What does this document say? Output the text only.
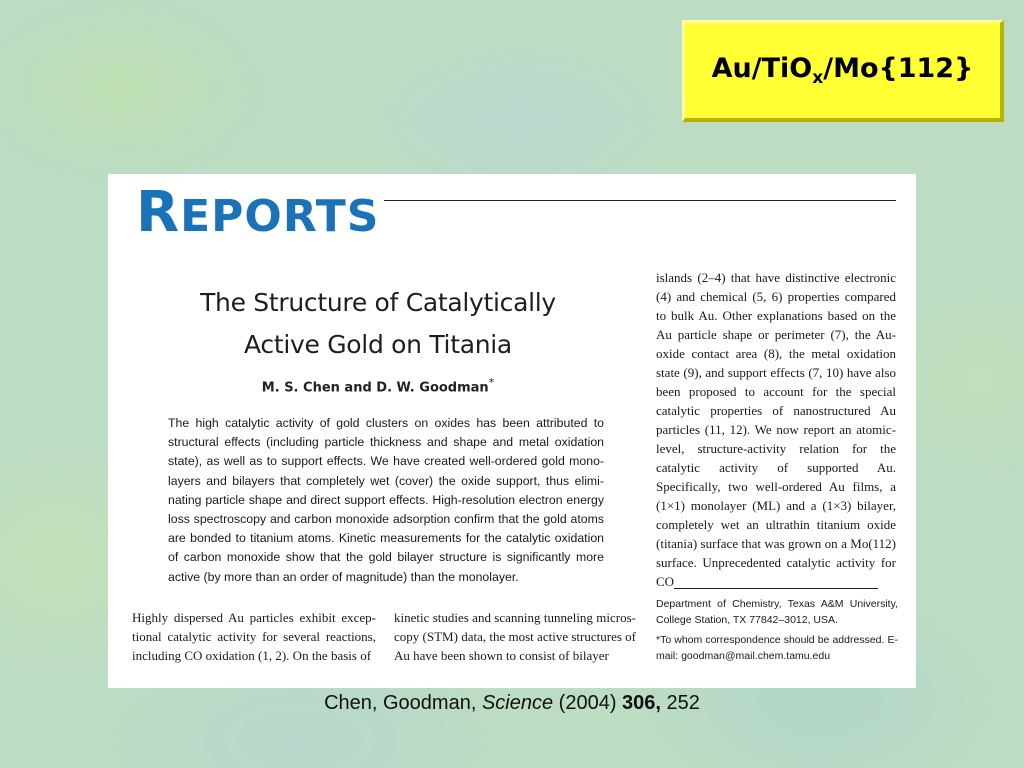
Au/TiO$_x$/Mo{112}
REPORTS
The Structure of Catalytically
Active Gold on Titania
M. S. Chen and D. W. Goodman*
The high catalytic activity of gold clusters on oxides has been attributed to structural effects (including particle thickness and shape and metal oxidation state), as well as to support effects. We have created well-ordered gold mono-layers and bilayers that completely wet (cover) the oxide support, thus elimi-nating particle shape and direct support effects. High-resolution electron energy loss spectroscopy and carbon monoxide adsorption confirm that the gold atoms are bonded to titanium atoms. Kinetic measurements for the catalytic oxidation of carbon monoxide show that the gold bilayer structure is significantly more active (by more than an order of magnitude) than the monolayer.
islands (2–4) that have distinctive electronic (4) and chemical (5, 6) properties compared to bulk Au. Other explanations based on the Au particle shape or perimeter (7), the Au-oxide contact area (8), the metal oxidation state (9), and support effects (7, 10) have also been proposed to account for the special catalytic properties of nanostructured Au particles (11, 12). We now report an atomic-level, structure-activity relation for the catalytic activity of supported Au. Specifically, two well-ordered Au films, a (1×1) monolayer (ML) and a (1×3) bilayer, completely wet an ultrathin titanium oxide (titania) surface that was grown on a Mo(112) surface. Unprecedented catalytic activity for CO
Highly dispersed Au particles exhibit excep-tional catalytic activity for several reactions, including CO oxidation (1, 2). On the basis of
kinetic studies and scanning tunneling micros-copy (STM) data, the most active structures of Au have been shown to consist of bilayer
Department of Chemistry, Texas A&M University, College Station, TX 77842–3012, USA.
*To whom correspondence should be addressed. E-mail: goodman@mail.chem.tamu.edu
Chen, Goodman, Science (2004) 306, 252
